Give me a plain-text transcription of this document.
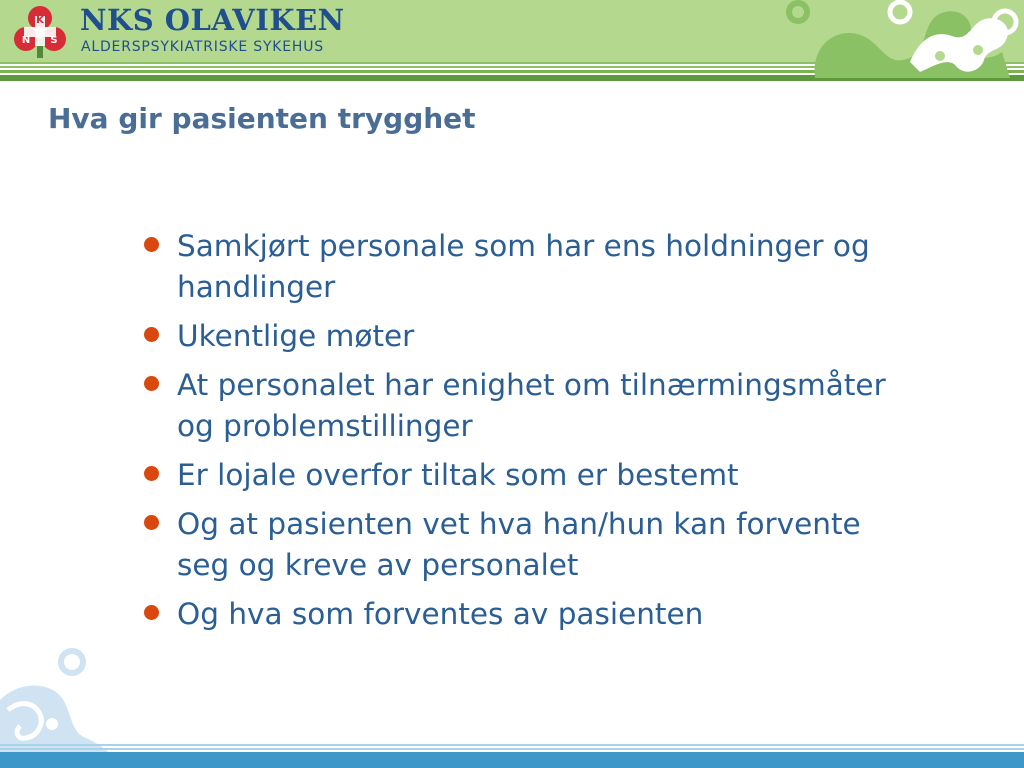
K
N S
NKS OLAVIKEN
ALDERSPSYKIATRISKE SYKEHUS
Hva gir pasienten trygghet
Samkjørt personale som har ens holdninger og handlinger
Ukentlige møter
At personalet har enighet om tilnærmingsmåter og problemstillinger
Er lojale overfor tiltak som er bestemt
Og at pasienten vet hva han/hun kan forvente seg og kreve av personalet
Og hva som forventes av pasienten
